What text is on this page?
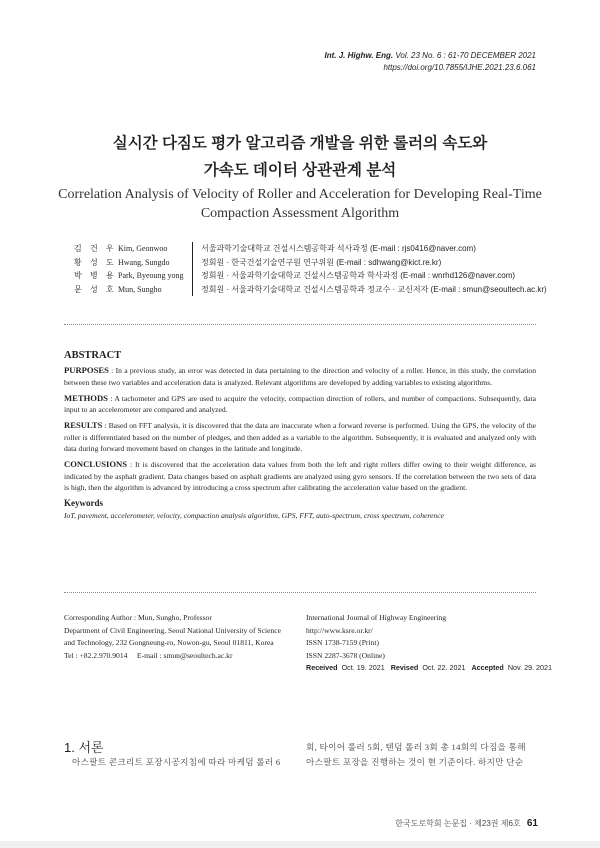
Int. J. Highw. Eng. Vol. 23 No. 6 : 61-70 DECEMBER 2021
https://doi.org/10.7855/IJHE.2021.23.6.061
실시간 다짐도 평가 알고리즘 개발을 위한 롤러의 속도와
가속도 데이터 상관관계 분석
Correlation Analysis of Velocity of Roller and Acceleration for Developing Real-Time
Compaction Assessment Algorithm
김 건 우 Kim, Geonwoo	서울과학기술대학교 건설시스템공학과 석사과정 (E-mail : rjs0416@naver.com)
황 성 도 Hwang, Sungdo	정회원 · 한국건설기술연구원 연구위원 (E-mail : sdhwang@kict.re.kr)
박 병 용 Park, Byeoung yong	정회원 · 서울과학기술대학교 건설시스템공학과 학사과정 (E-mail : wnrhd126@naver.com)
문 성 호 Mun, Sungho	정회원 · 서울과학기술대학교 건설시스템공학과 정교수 · 교신저자 (E-mail : smun@seoultech.ac.kr)
ABSTRACT

PURPOSES : In a previous study, an error was detected in data pertaining to the direction and velocity of a roller. Hence, in this study, the correlation between these two variables and acceleration data is analyzed. Relevant algorithms are developed by adding variables to existing algorithms.

METHODS : A tachometer and GPS are used to acquire the velocity, compaction direction of rollers, and number of compactions. Subsequently, data input to an accelerometer are compared and analyzed.

RESULTS : Based on FFT analysis, it is discovered that the data are inaccurate when a forward reverse is performed. Using the GPS, the velocity of the roller is differentiated based on the number of pledges, and then added as a variable to the algorithm. Subsequently, it is evaluated and analyzed only with data during forward movement based on changes in the latitude and longitude.

CONCLUSIONS : It is discovered that the acceleration data values from both the left and right rollers differ owing to their weight difference, as indicated by the asphalt gradient. Data changes based on asphalt gradients are analyzed using gyro sensors. If the correlation between the two sets of data is high, then the algorithm is advanced by introducing a cross spectrum after calibrating the acceleration value based on the gradient.

Keywords
IoT, pavement, accelerometer, velocity, compaction analysis algorithm, GPS, FFT, auto-spectrum, cross spectrum, coherence
Corresponding Author : Mun, Sungho, Professor
Department of Civil Engineering, Seoul National University of Science
and Technology, 232 Gongneung-ro, Nowon-gu, Seoul 01811, Korea
Tel : +82.2.970.9014     E-mail : smun@seoultech.ac.kr
International Journal of Highway Engineering
http://www.ksre.or.kr/
ISSN 1738-7159 (Print)
ISSN 2287-3678 (Online)
Received Oct. 19. 2021 Revised Oct. 22. 2021 Accepted Nov. 29. 2021
1. 서론
아스팔트 콘크리트 포장시공지침에 따라 마케덤 롤러 6
회, 타이어 롤러 5회, 탠덤 롤러 3회 총 14회의 다짐을 통해
아스팔트 포장을 진행하는 것이 현 기준이다. 하지만 단순
한국도로학회 논문집 · 제23권 제6호 61
